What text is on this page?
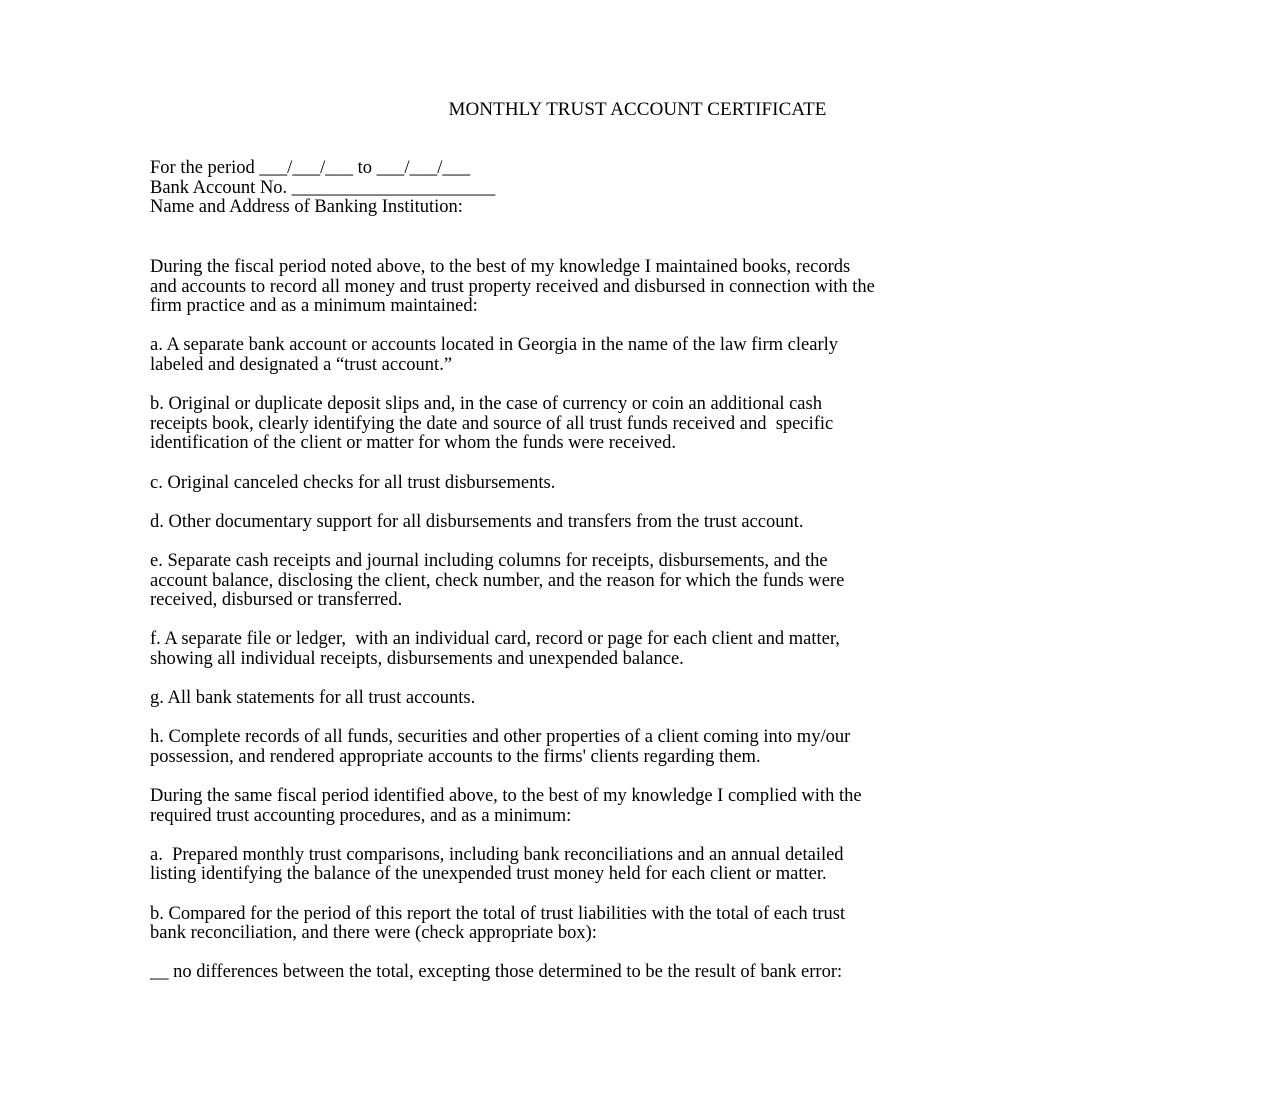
MONTHLY TRUST ACCOUNT CERTIFICATE
For the period ___/___/___ to ___/___/___
Bank Account No. ______________________
Name and Address of Banking Institution:
During the fiscal period noted above, to the best of my knowledge I maintained books, records
and accounts to record all money and trust property received and disbursed in connection with the
firm practice and as a minimum maintained:
a. A separate bank account or accounts located in Georgia in the name of the law firm clearly
labeled and designated a “trust account.”
b. Original or duplicate deposit slips and, in the case of currency or coin an additional cash
receipts book, clearly identifying the date and source of all trust funds received and  specific
identification of the client or matter for whom the funds were received.
c. Original canceled checks for all trust disbursements.
d. Other documentary support for all disbursements and transfers from the trust account.
e. Separate cash receipts and journal including columns for receipts, disbursements, and the
account balance, disclosing the client, check number, and the reason for which the funds were
received, disbursed or transferred.
f. A separate file or ledger,  with an individual card, record or page for each client and matter,
showing all individual receipts, disbursements and unexpended balance.
g. All bank statements for all trust accounts.
h. Complete records of all funds, securities and other properties of a client coming into my/our
possession, and rendered appropriate accounts to the firms' clients regarding them.
During the same fiscal period identified above, to the best of my knowledge I complied with the
required trust accounting procedures, and as a minimum:
a.  Prepared monthly trust comparisons, including bank reconciliations and an annual detailed
listing identifying the balance of the unexpended trust money held for each client or matter.
b. Compared for the period of this report the total of trust liabilities with the total of each trust
bank reconciliation, and there were (check appropriate box):
__ no differences between the total, excepting those determined to be the result of bank error:
